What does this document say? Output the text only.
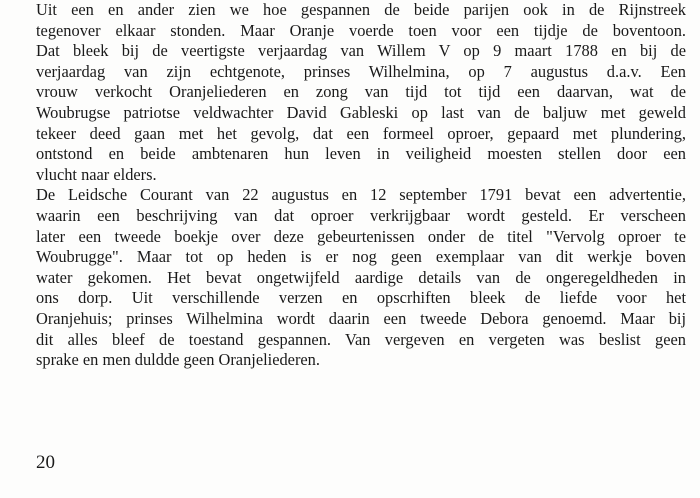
Uit een en ander zien we hoe gespannen de beide parijen ook in de Rijnstreek
tegenover elkaar stonden. Maar Oranje voerde toen voor een tijdje de boventoon.
Dat bleek bij de veertigste verjaardag van Willem V op 9 maart 1788 en bij de
verjaardag van zijn echtgenote, prinses Wilhelmina, op 7 augustus d.a.v. Een
vrouw verkocht Oranjeliederen en zong van tijd tot tijd een daarvan, wat de
Woubrugse patriotse veldwachter David Gableski op last van de baljuw met geweld
tekeer deed gaan met het gevolg, dat een formeel oproer, gepaard met plundering,
ontstond en beide ambtenaren hun leven in veiligheid moesten stellen door een
vlucht naar elders.
De Leidsche Courant van 22 augustus en 12 september 1791 bevat een advertentie,
waarin een beschrijving van dat oproer verkrijgbaar wordt gesteld. Er verscheen
later een tweede boekje over deze gebeurtenissen onder de titel "Vervolg oproer te
Woubrugge". Maar tot op heden is er nog geen exemplaar van dit werkje boven
water gekomen. Het bevat ongetwijfeld aardige details van de ongeregeldheden in
ons dorp. Uit verschillende verzen en opscrhiften bleek de liefde voor het
Oranjehuis; prinses Wilhelmina wordt daarin een tweede Debora genoemd. Maar bij
dit alles bleef de toestand gespannen. Van vergeven en vergeten was beslist geen
sprake en men duldde geen Oranjeliederen.
20
